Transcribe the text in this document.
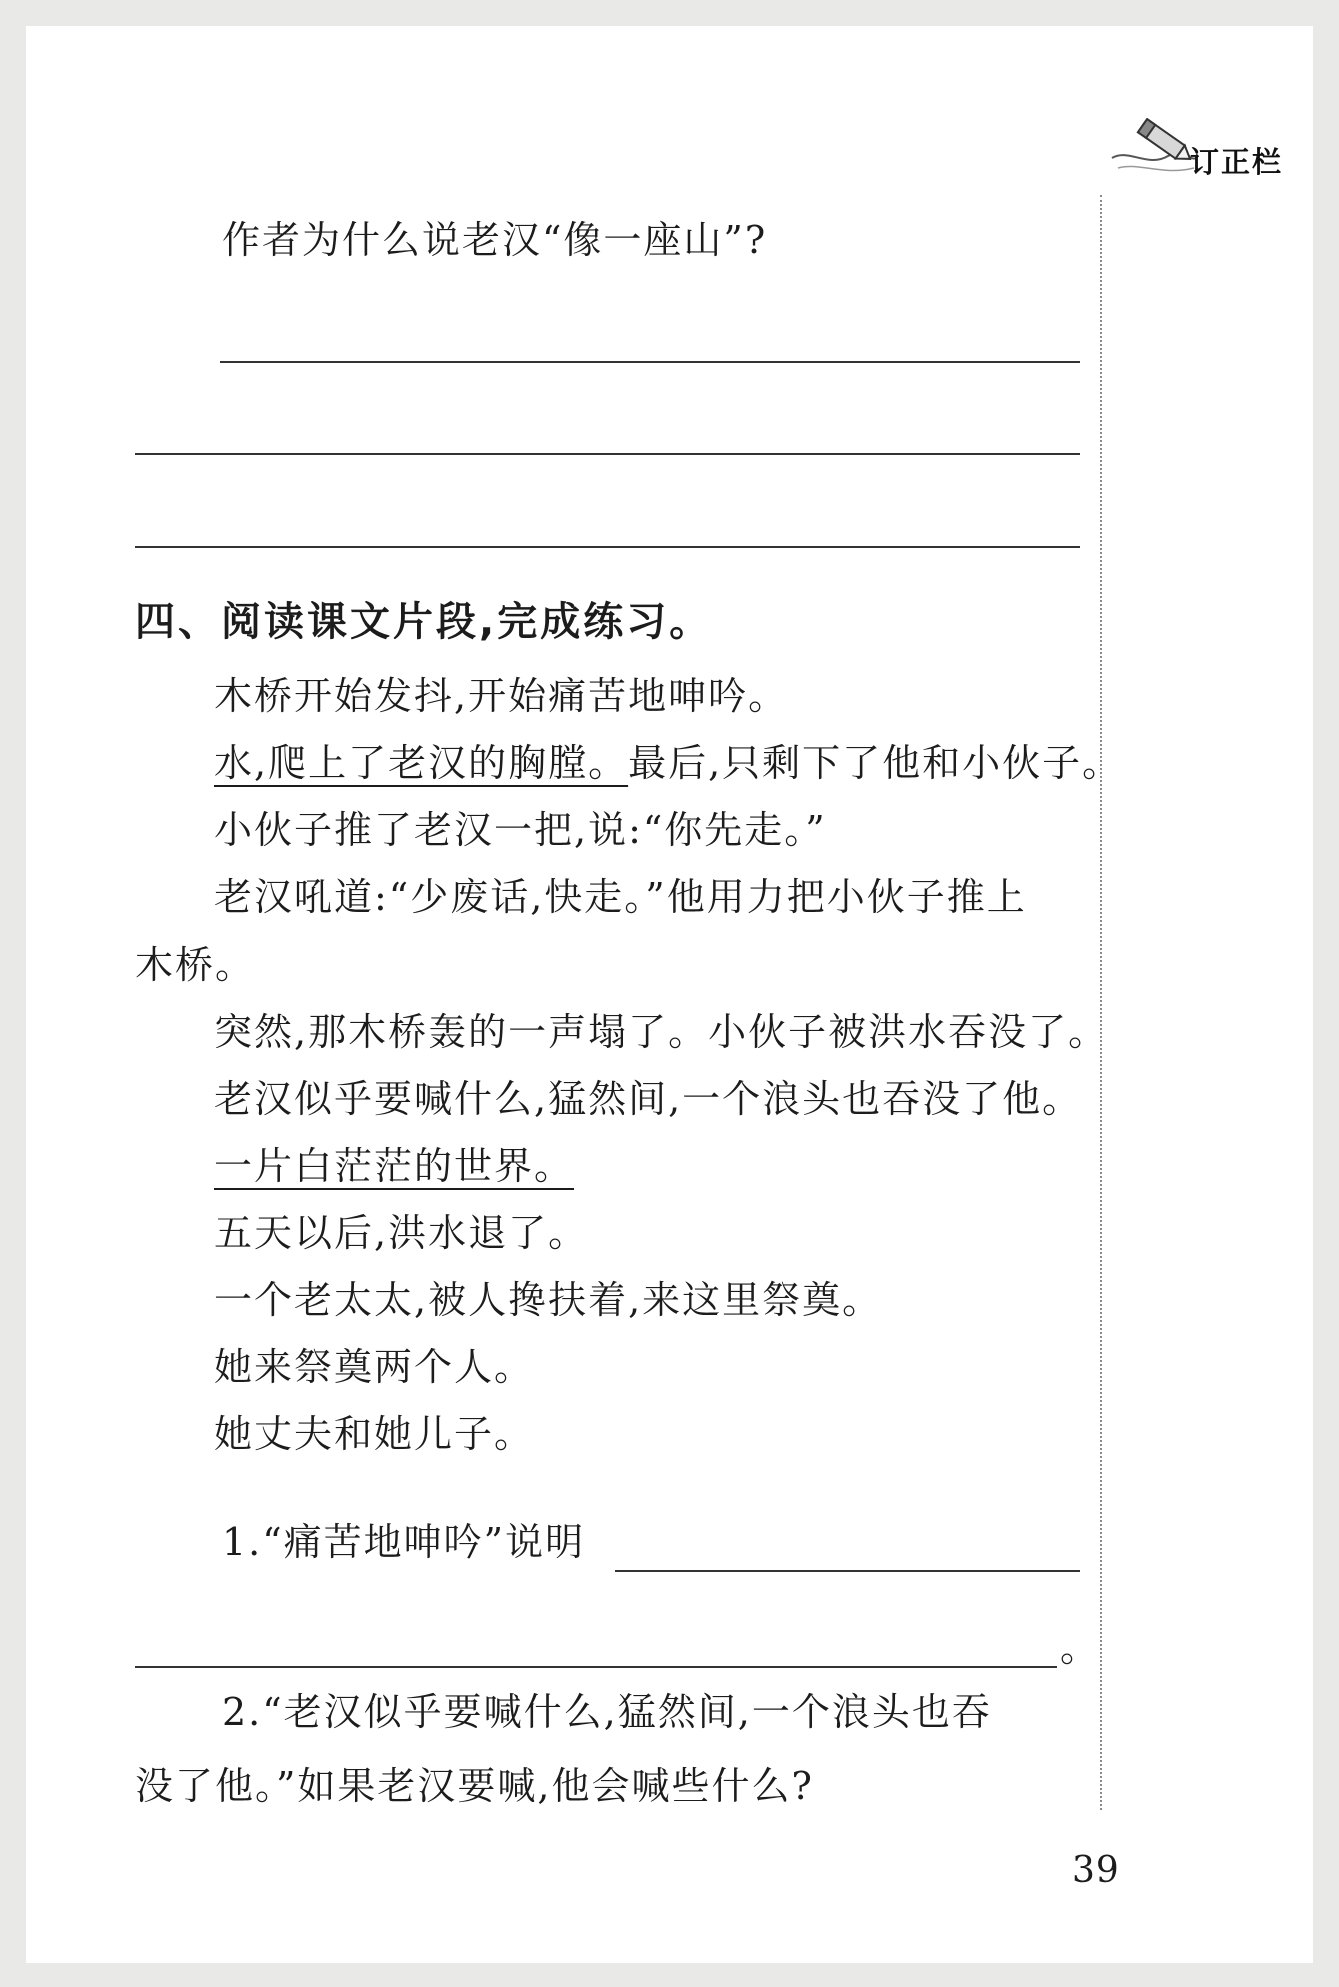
订正栏
作者为什么说老汉“像一座山”?
四、阅读课文片段,完成练习。
木桥开始发抖,开始痛苦地呻吟。
水,爬上了老汉的胸膛。最后,只剩下了他和小伙子。
小伙子推了老汉一把,说:“你先走。”
老汉吼道:“少废话,快走。”他用力把小伙子推上
木桥。
突然,那木桥轰的一声塌了。小伙子被洪水吞没了。
老汉似乎要喊什么,猛然间,一个浪头也吞没了他。
一片白茫茫的世界。
五天以后,洪水退了。
一个老太太,被人搀扶着,来这里祭奠。
她来祭奠两个人。
她丈夫和她儿子。
1.“痛苦地呻吟”说明
。
2.“老汉似乎要喊什么,猛然间,一个浪头也吞
没了他。”如果老汉要喊,他会喊些什么?
39
